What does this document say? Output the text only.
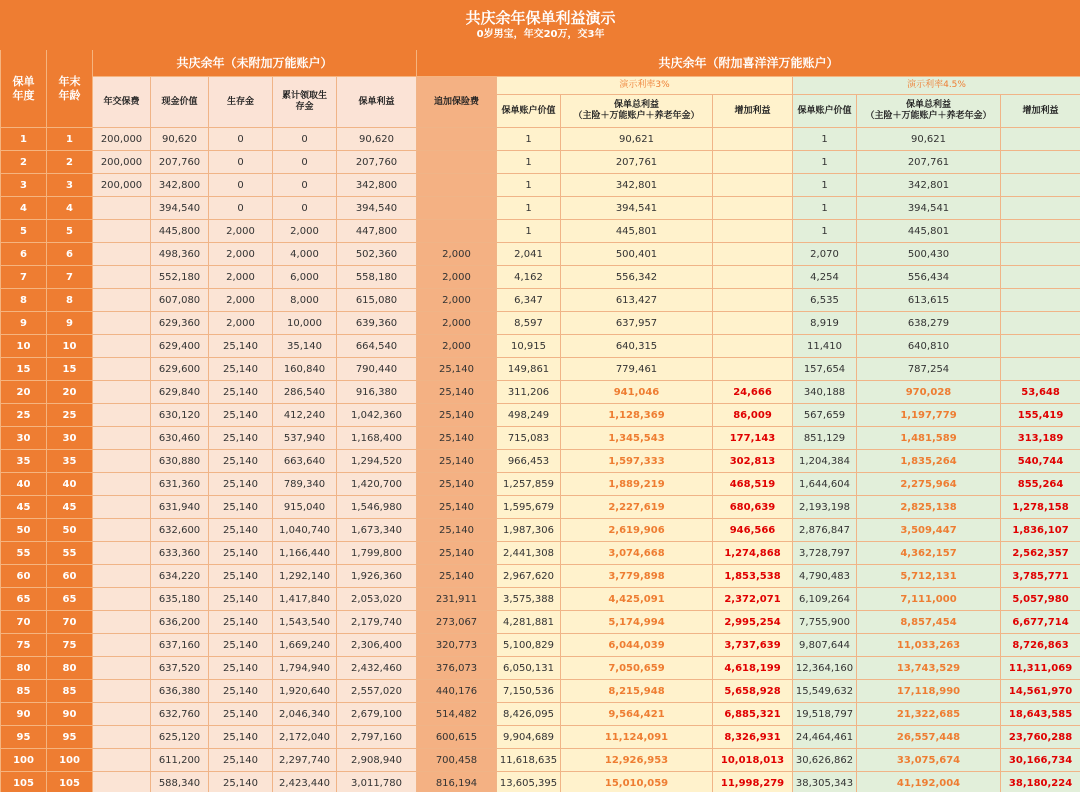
共庆余年保单利益演示
0岁男宝，年交20万，交3年													

保单年度	年末年龄	共庆余年（未附加万能账户）					共庆余年（附加喜洋洋万能账户）						
		年交保费	现金价值	生存金	累计领取生存金	保单利益	追加保险费	演示利率3%			演示利率4.5%		
								保单账户价值	保单总利益
（主险＋万能账户＋养老年金）	增加利益	保单账户价值	保单总利益
（主险＋万能账户＋养老年金）	增加利益
1	1	200,000	90,620	0	0	90,620		1	90,621		1	90,621	
2	2	200,000	207,760	0	0	207,760		1	207,761		1	207,761	
3	3	200,000	342,800	0	0	342,800		1	342,801		1	342,801	
4	4		394,540	0	0	394,540		1	394,541		1	394,541	
5	5		445,800	2,000	2,000	447,800		1	445,801		1	445,801	
6	6		498,360	2,000	4,000	502,360	2,000	2,041	500,401		2,070	500,430	
7	7		552,180	2,000	6,000	558,180	2,000	4,162	556,342		4,254	556,434	
8	8		607,080	2,000	8,000	615,080	2,000	6,347	613,427		6,535	613,615	
9	9		629,360	2,000	10,000	639,360	2,000	8,597	637,957		8,919	638,279	
10	10		629,400	25,140	35,140	664,540	2,000	10,915	640,315		11,410	640,810	
15	15		629,600	25,140	160,840	790,440	25,140	149,861	779,461		157,654	787,254	
20	20		629,840	25,140	286,540	916,380	25,140	311,206	941,046	24,666	340,188	970,028	53,648
25	25		630,120	25,140	412,240	1,042,360	25,140	498,249	1,128,369	86,009	567,659	1,197,779	155,419
30	30		630,460	25,140	537,940	1,168,400	25,140	715,083	1,345,543	177,143	851,129	1,481,589	313,189
35	35		630,880	25,140	663,640	1,294,520	25,140	966,453	1,597,333	302,813	1,204,384	1,835,264	540,744
40	40		631,360	25,140	789,340	1,420,700	25,140	1,257,859	1,889,219	468,519	1,644,604	2,275,964	855,264
45	45		631,940	25,140	915,040	1,546,980	25,140	1,595,679	2,227,619	680,639	2,193,198	2,825,138	1,278,158
50	50		632,600	25,140	1,040,740	1,673,340	25,140	1,987,306	2,619,906	946,566	2,876,847	3,509,447	1,836,107
55	55		633,360	25,140	1,166,440	1,799,800	25,140	2,441,308	3,074,668	1,274,868	3,728,797	4,362,157	2,562,357
60	60		634,220	25,140	1,292,140	1,926,360	25,140	2,967,620	3,779,898	1,853,538	4,790,483	5,712,131	3,785,771
65	65		635,180	25,140	1,417,840	2,053,020	231,911	3,575,388	4,425,091	2,372,071	6,109,264	7,111,000	5,057,980
70	70		636,200	25,140	1,543,540	2,179,740	273,067	4,281,881	5,174,994	2,995,254	7,755,900	8,857,454	6,677,714
75	75		637,160	25,140	1,669,240	2,306,400	320,773	5,100,829	6,044,039	3,737,639	9,807,644	11,033,263	8,726,863
80	80		637,520	25,140	1,794,940	2,432,460	376,073	6,050,131	7,050,659	4,618,199	12,364,160	13,743,529	11,311,069
85	85		636,380	25,140	1,920,640	2,557,020	440,176	7,150,536	8,215,948	5,658,928	15,549,632	17,118,990	14,561,970
90	90		632,760	25,140	2,046,340	2,679,100	514,482	8,426,095	9,564,421	6,885,321	19,518,797	21,322,685	18,643,585
95	95		625,120	25,140	2,172,040	2,797,160	600,615	9,904,689	11,124,091	8,326,931	24,464,461	26,557,448	23,760,288
100	100		611,200	25,140	2,297,740	2,908,940	700,458	11,618,635	12,926,953	10,018,013	30,626,862	33,075,674	30,166,734
105	105		588,340	25,140	2,423,440	3,011,780	816,194	13,605,395	15,010,059	11,998,279	38,305,343	41,192,004	38,180,224
